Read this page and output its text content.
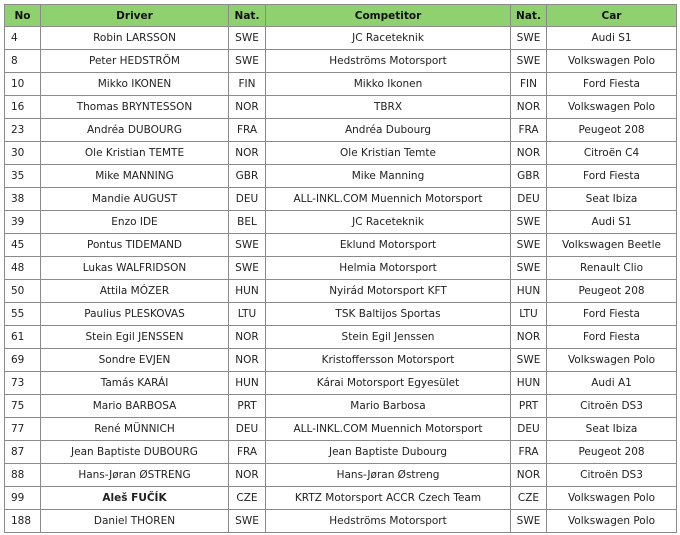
No	Driver	Nat.	Competitor	Nat.	Car
4	Robin LARSSON	SWE	JC Raceteknik	SWE	Audi S1
8	Peter HEDSTRÖM	SWE	Hedströms Motorsport	SWE	Volkswagen Polo
10	Mikko IKONEN	FIN	Mikko Ikonen	FIN	Ford Fiesta
16	Thomas BRYNTESSON	NOR	TBRX	NOR	Volkswagen Polo
23	Andréa DUBOURG	FRA	Andréa Dubourg	FRA	Peugeot 208
30	Ole Kristian TEMTE	NOR	Ole Kristian Temte	NOR	Citroën C4
35	Mike MANNING	GBR	Mike Manning	GBR	Ford Fiesta
38	Mandie AUGUST	DEU	ALL-INKL.COM Muennich Motorsport	DEU	Seat Ibiza
39	Enzo IDE	BEL	JC Raceteknik	SWE	Audi S1
45	Pontus TIDEMAND	SWE	Eklund Motorsport	SWE	Volkswagen Beetle
48	Lukas WALFRIDSON	SWE	Helmia Motorsport	SWE	Renault Clio
50	Attila MÓZER	HUN	Nyirád Motorsport KFT	HUN	Peugeot 208
55	Paulius PLESKOVAS	LTU	TSK Baltijos Sportas	LTU	Ford Fiesta
61	Stein Egil JENSSEN	NOR	Stein Egil Jenssen	NOR	Ford Fiesta
69	Sondre EVJEN	NOR	Kristoffersson Motorsport	SWE	Volkswagen Polo
73	Tamás KARÁI	HUN	Kárai Motorsport Egyesület	HUN	Audi A1
75	Mario BARBOSA	PRT	Mario Barbosa	PRT	Citroën DS3
77	René MÜNNICH	DEU	ALL-INKL.COM Muennich Motorsport	DEU	Seat Ibiza
87	Jean Baptiste DUBOURG	FRA	Jean Baptiste Dubourg	FRA	Peugeot 208
88	Hans-Jøran ØSTRENG	NOR	Hans-Jøran Østreng	NOR	Citroën DS3
99	Aleš FUČÍK	CZE	KRTZ Motorsport ACCR Czech Team	CZE	Volkswagen Polo
188	Daniel THOREN	SWE	Hedströms Motorsport	SWE	Volkswagen Polo
